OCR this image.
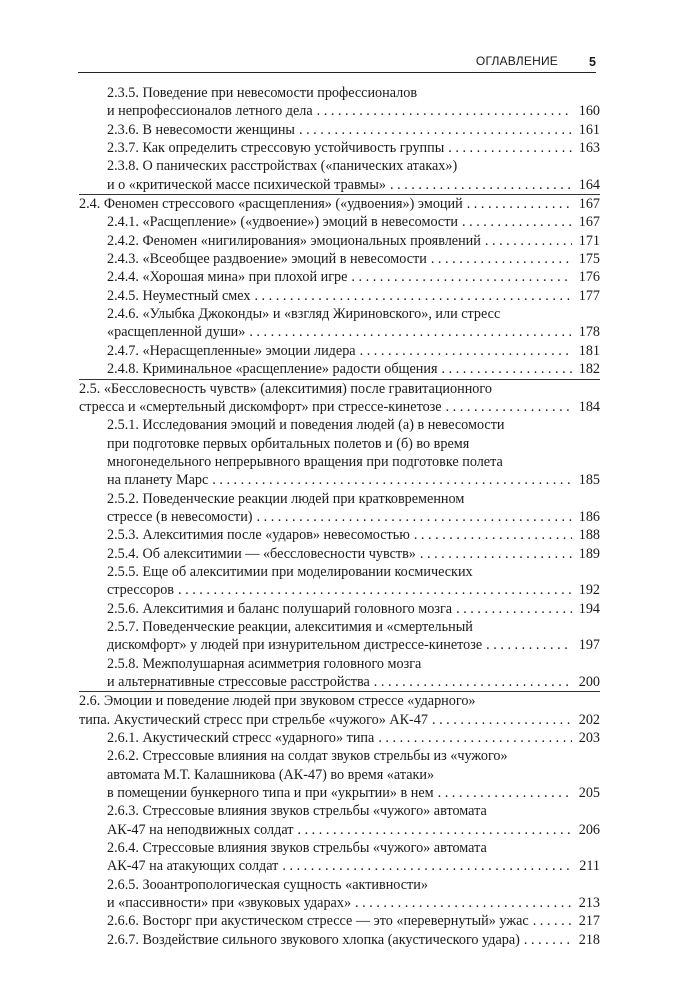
ОГЛАВЛЕНИЕ 5
2.3.5. Поведение при невесомости профессионалов
и непрофессионалов летного дела . . .	160
2.3.6. В невесомости женщины . . .	161
2.3.7. Как определить стрессовую устойчивость группы . . .	163
2.3.8. О панических расстройствах («панических атаках»)
и о «критической массе психической травмы» . . .	164
2.4. Феномен стрессового «расщепления» («удвоения») эмоций . . .	167
2.4.1. «Расщепление» («удвоение») эмоций в невесомости . . .	167
2.4.2. Феномен «нигилирования» эмоциональных проявлений . . .	171
2.4.3. «Всеобщее раздвоение» эмоций в невесомости . . .	175
2.4.4. «Хорошая мина» при плохой игре . . .	176
2.4.5. Неуместный смех . . .	177
2.4.6. «Улыбка Джоконды» и «взгляд Жириновского», или стресс
«расщепленной души» . . .	178
2.4.7. «Нерасщепленные» эмоции лидера . . .	181
2.4.8. Криминальное «расщепление» радости общения . . .	182
2.5. «Бессловесность чувств» (алекситимия) после гравитационного
стресса и «смертельный дискомфорт» при стрессе-кинетозе . . .	184
2.5.1. Исследования эмоций и поведения людей (а) в невесомости
при подготовке первых орбитальных полетов и (б) во время
многонедельного непрерывного вращения при подготовке полета
на планету Марс . . .	185
2.5.2. Поведенческие реакции людей при кратковременном
стрессе (в невесомости) . . .	186
2.5.3. Алекситимия после «ударов» невесомостью . . .	188
2.5.4. Об алекситимии — «бессловесности чувств» . . .	189
2.5.5. Еще об алекситимии при моделировании космических
стрессоров . . .	192
2.5.6. Алекситимия и баланс полушарий головного мозга . . .	194
2.5.7. Поведенческие реакции, алекситимия и «смертельный
дискомфорт» у людей при изнурительном дистрессе-кинетозе . . .	197
2.5.8. Межполушарная асимметрия головного мозга
и альтернативные стрессовые расстройства . . .	200
2.6. Эмоции и поведение людей при звуковом стрессе «ударного»
типа. Акустический стресс при стрельбе «чужого» АК-47 . . .	202
2.6.1. Акустический стресс «ударного» типа . . .	203
2.6.2. Стрессовые влияния на солдат звуков стрельбы из «чужого»
автомата М.Т. Калашникова (АК-47) во время «атаки»
в помещении бункерного типа и при «укрытии» в нем . . .	205
2.6.3. Стрессовые влияния звуков стрельбы «чужого» автомата
АК-47 на неподвижных солдат . . .	206
2.6.4. Стрессовые влияния звуков стрельбы «чужого» автомата
АК-47 на атакующих солдат . . .	211
2.6.5. Зооантропологическая сущность «активности»
и «пассивности» при «звуковых ударах» . . .	213
2.6.6. Восторг при акустическом стрессе — это «перевернутый» ужас . . .	217
2.6.7. Воздействие сильного звукового хлопка (акустического удара) . . .	218
